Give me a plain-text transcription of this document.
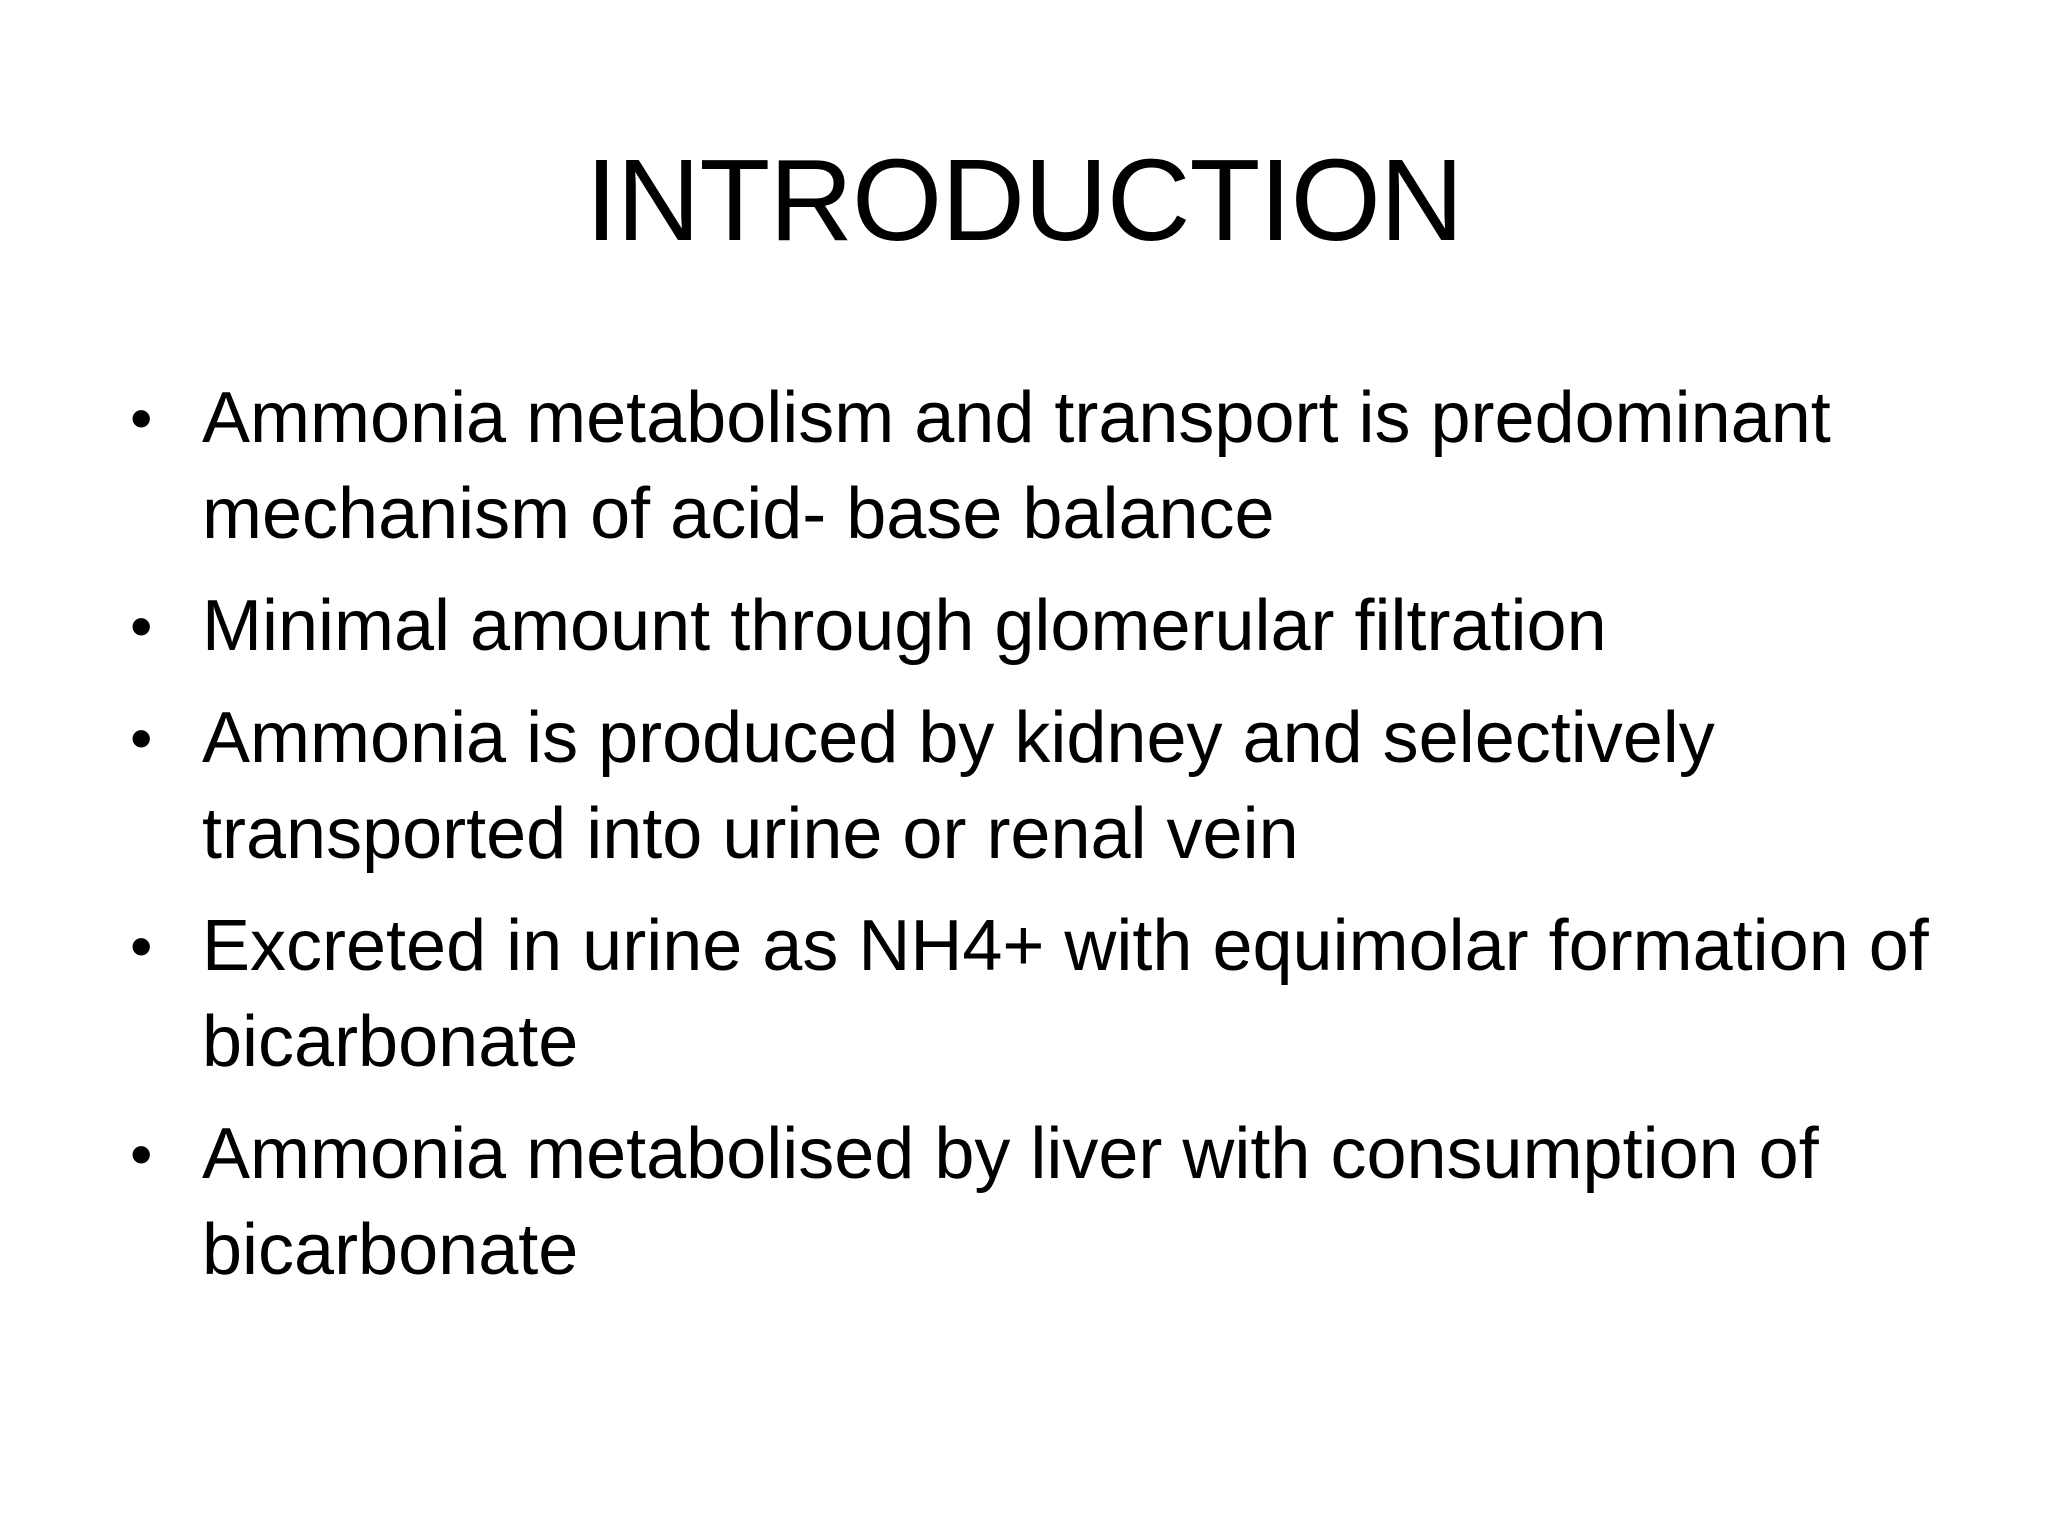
INTRODUCTION
• Ammonia metabolism and transport is predominant mechanism of acid- base balance
• Minimal amount through glomerular filtration
• Ammonia is produced by kidney and selectively transported into urine or renal vein
• Excreted in urine as NH4+ with equimolar formation of bicarbonate
• Ammonia metabolised by liver with consumption of bicarbonate
